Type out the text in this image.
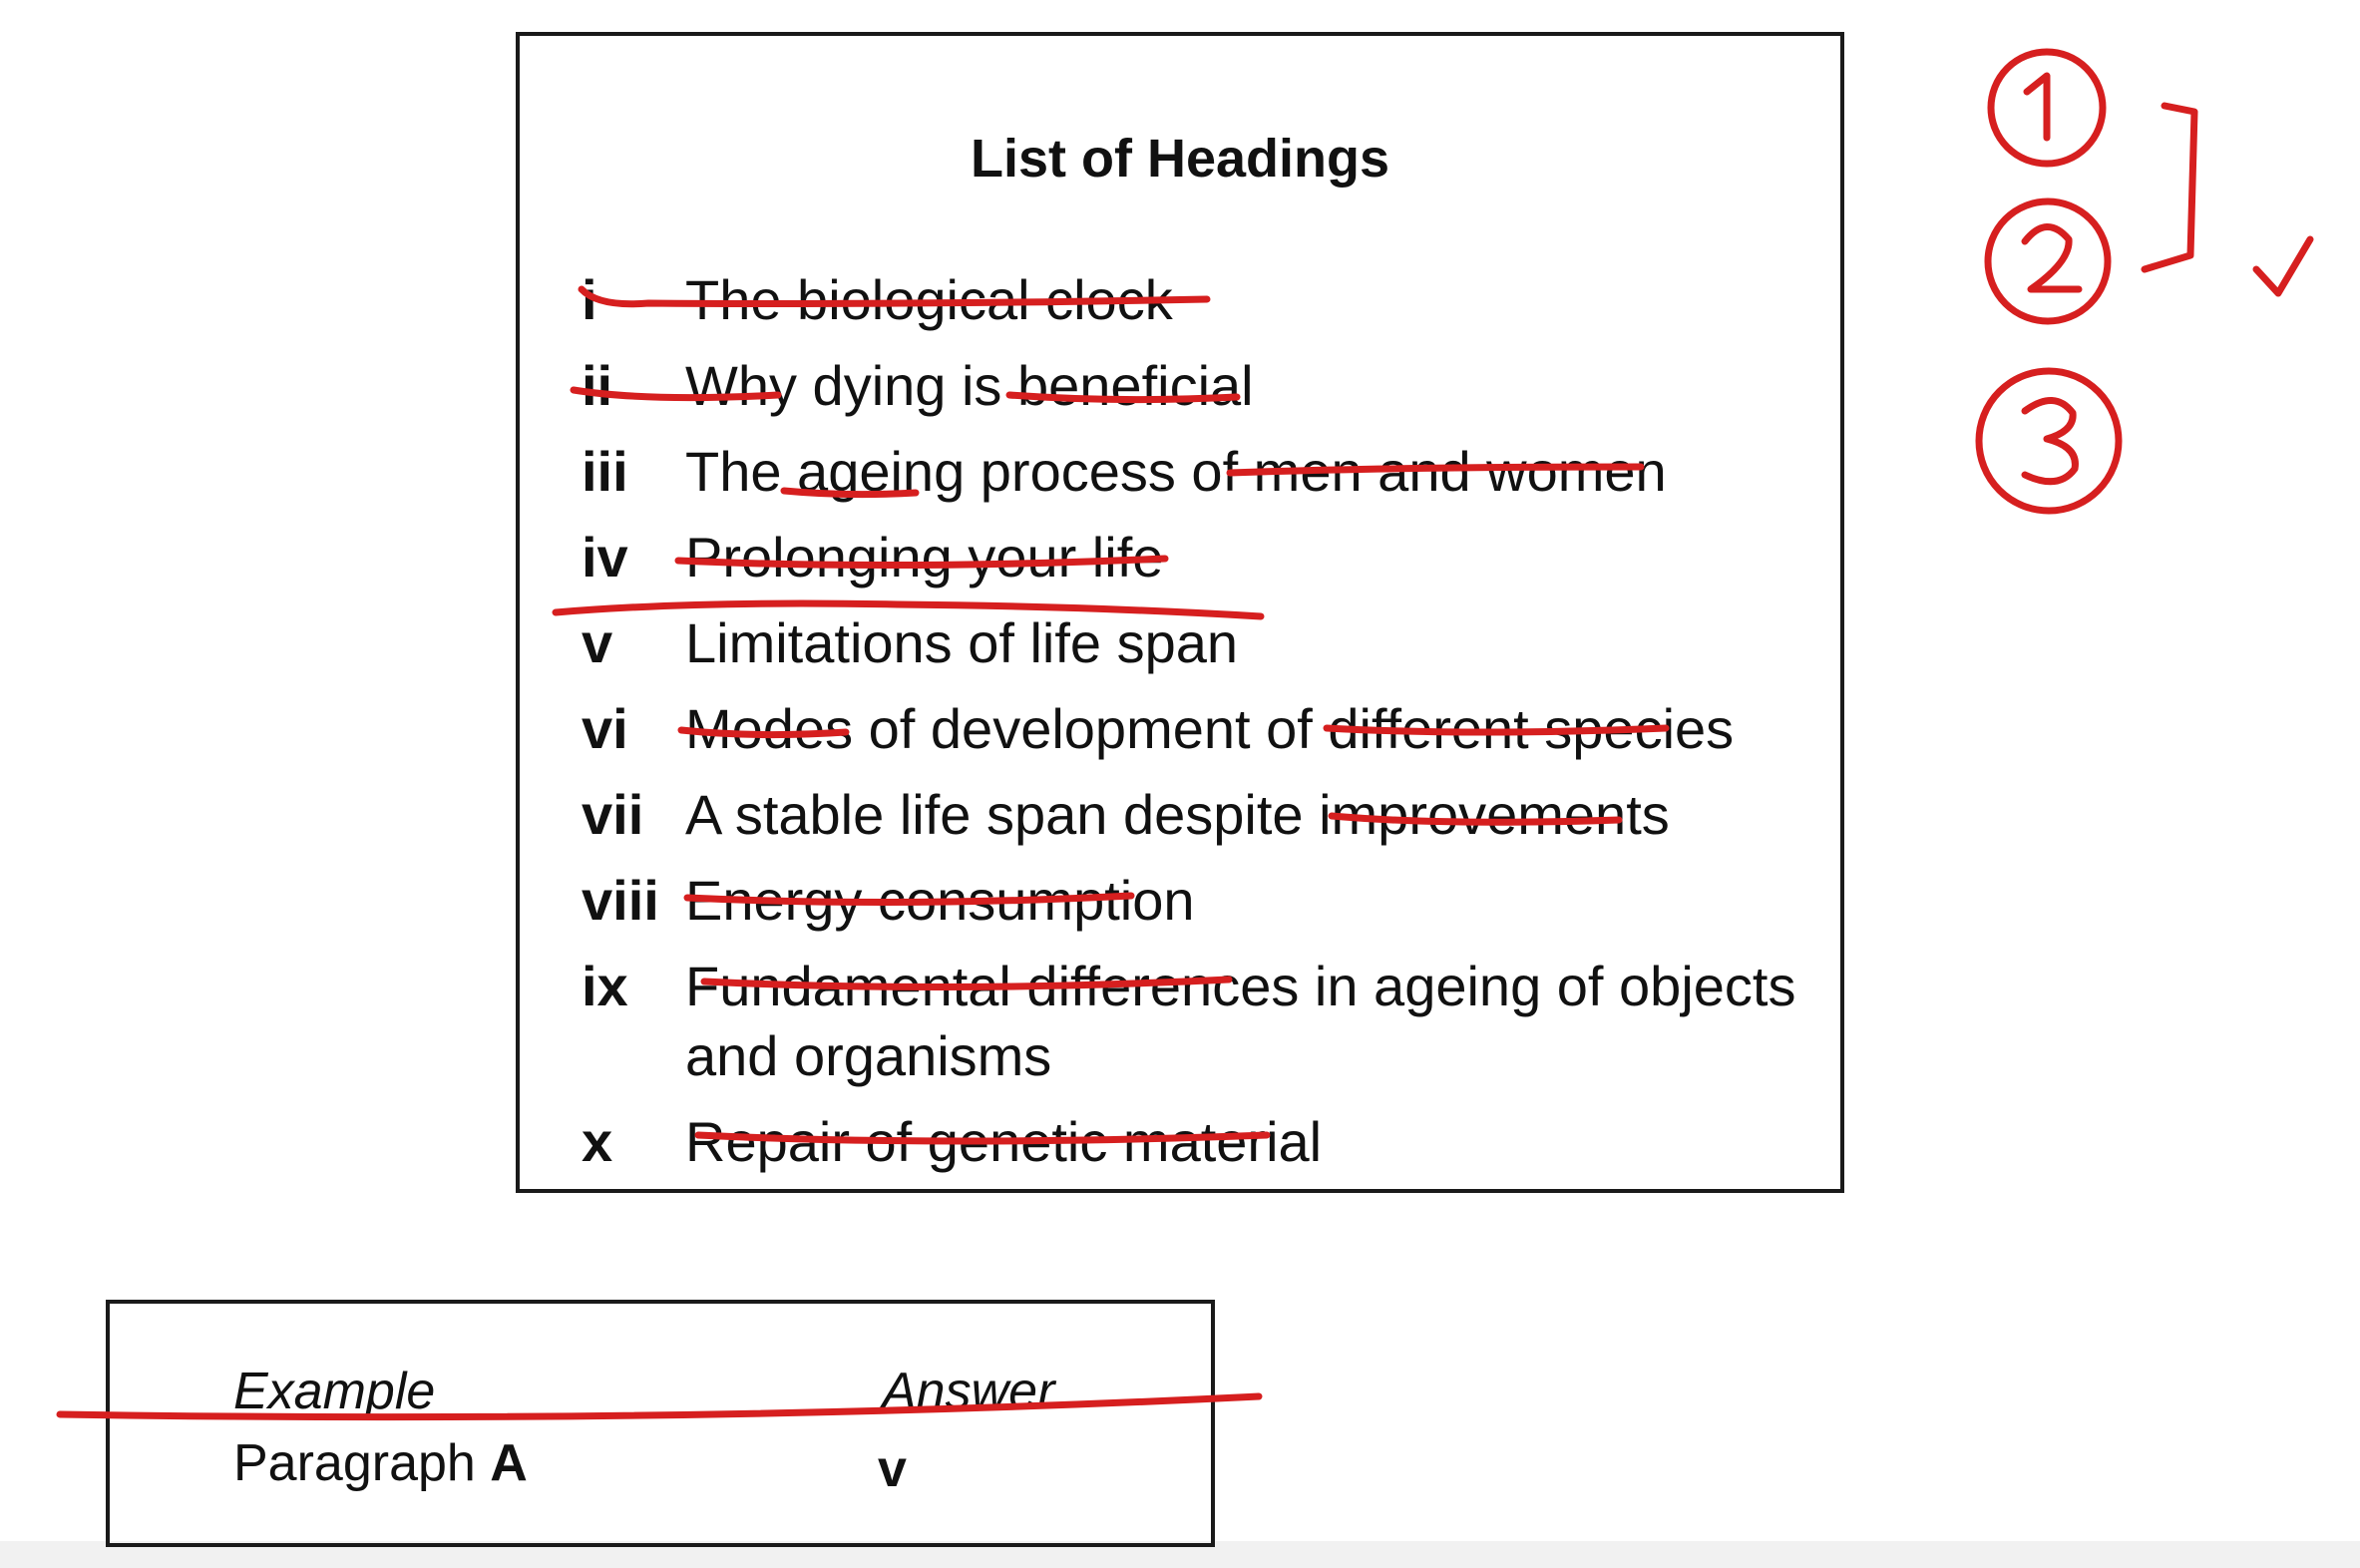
List of Headings
i The biological clock
ii Why dying is beneficial
iii The ageing process of men and women
iv Prolonging your life
v Limitations of life span
vi Modes of development of different species
vii A stable life span despite improvements
viii Energy consumption
ix Fundamental differences in ageing of objects
and organisms
x Repair of genetic material
Example	Answer
Paragraph A	v
